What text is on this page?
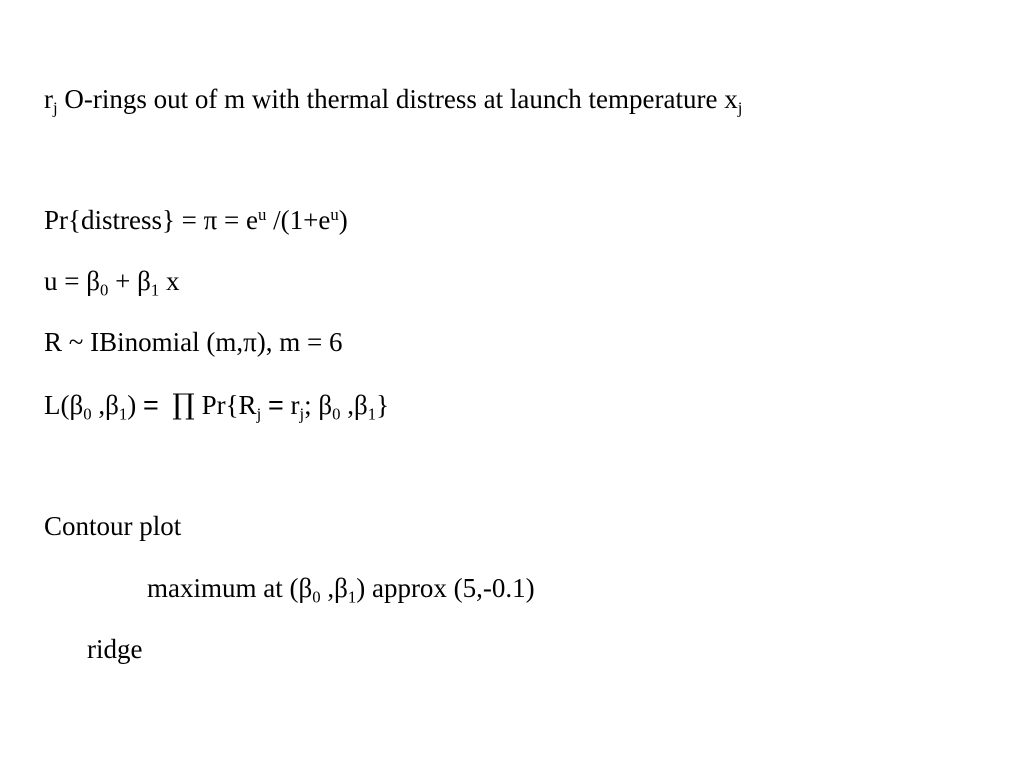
$r_j$ O-rings out of m with thermal distress at launch temperature $x_j$
Pr{distress} = $\pi = e^u$ $/(1+e^u)$
$u = \beta_0 + \beta_1$ x
R ~ IBinomial (m,π), m = 6
$L(\beta_0$ $,\beta_1$) = ∏ $Pr\{R_j = r_j$; $\beta_0$ $,\beta_1$}
Contour plot
maximum at ($\beta_0$ $,\beta_1$) approx (5,-0.1)
ridge
